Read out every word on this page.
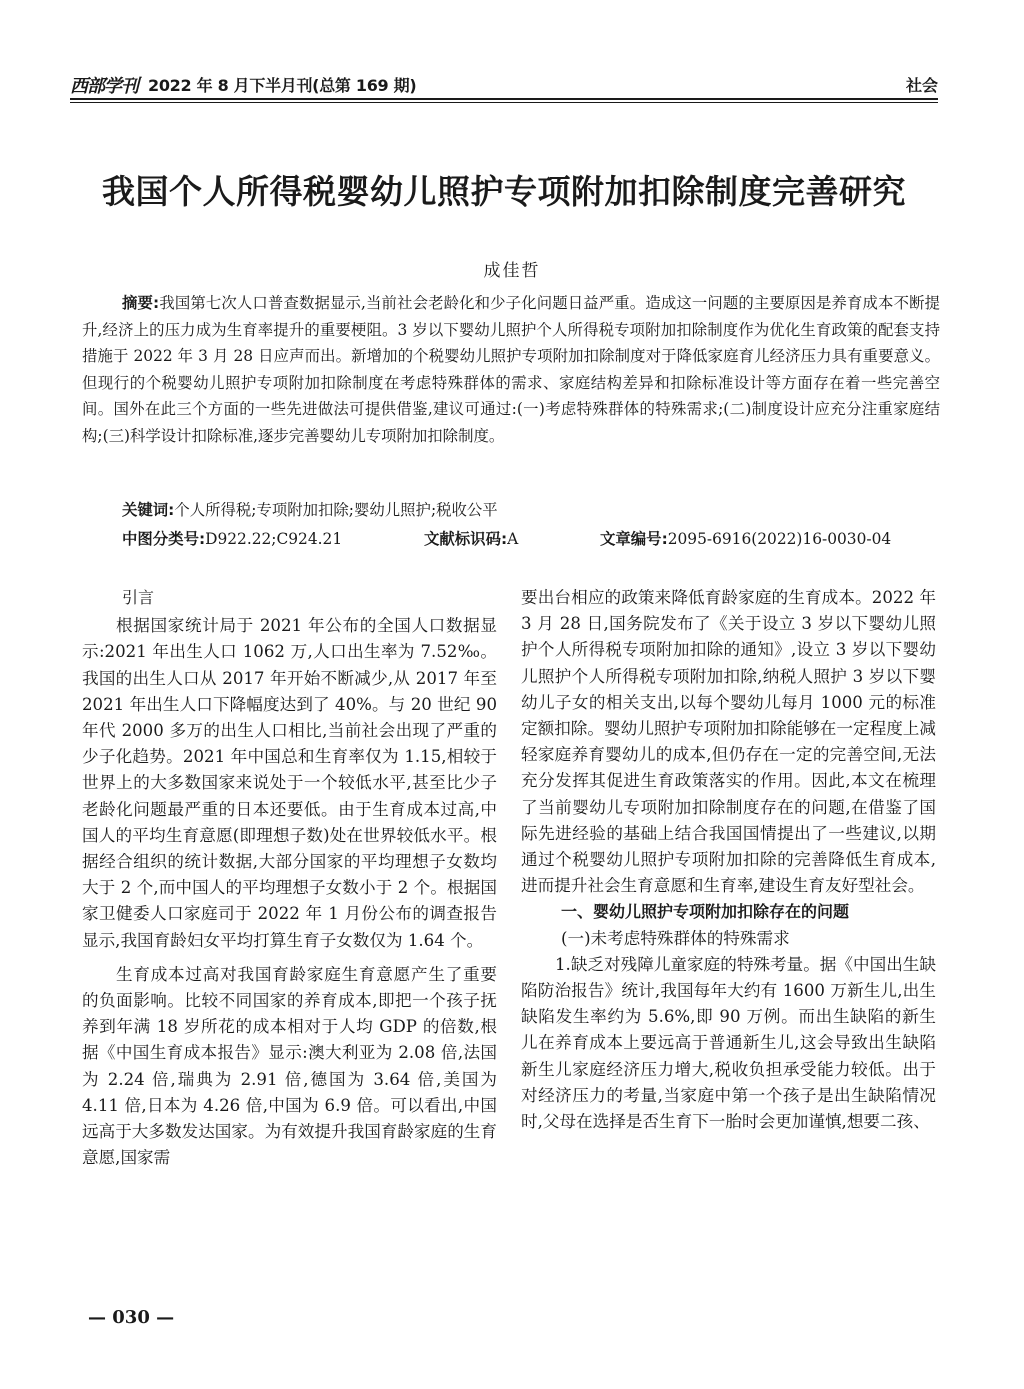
西部学刊 2022 年 8 月下半月刊(总第 169 期)	社会
我国个人所得税婴幼儿照护专项附加扣除制度完善研究
成佳哲
摘要:我国第七次人口普查数据显示,当前社会老龄化和少子化问题日益严重。造成这一问题的主要原因是养育成本不断提升,经济上的压力成为生育率提升的重要梗阻。3 岁以下婴幼儿照护个人所得税专项附加扣除制度作为优化生育政策的配套支持措施于 2022 年 3 月 28 日应声而出。新增加的个税婴幼儿照护专项附加扣除制度对于降低家庭育儿经济压力具有重要意义。但现行的个税婴幼儿照护专项附加扣除制度在考虑特殊群体的需求、家庭结构差异和扣除标准设计等方面存在着一些完善空间。国外在此三个方面的一些先进做法可提供借鉴,建议可通过:(一)考虑特殊群体的特殊需求;(二)制度设计应充分注重家庭结构;(三)科学设计扣除标准,逐步完善婴幼儿专项附加扣除制度。
关键词:个人所得税;专项附加扣除;婴幼儿照护;税收公平
中图分类号:D922.22;C924.21	文献标识码:A	文章编号:2095-6916(2022)16-0030-04

引言

根据国家统计局于 2021 年公布的全国人口数据显示:2021 年出生人口 1062 万,人口出生率为 7.52‰。我国的出生人口从 2017 年开始不断减少,从 2017 年至 2021 年出生人口下降幅度达到了 40%。与 20 世纪 90 年代 2000 多万的出生人口相比,当前社会出现了严重的少子化趋势。2021 年中国总和生育率仅为 1.15,相较于世界上的大多数国家来说处于一个较低水平,甚至比少子老龄化问题最严重的日本还要低。由于生育成本过高,中国人的平均生育意愿(即理想子数)处在世界较低水平。根据经合组织的统计数据,大部分国家的平均理想子女数均大于 2 个,而中国人的平均理想子女数小于 2 个。根据国家卫健委人口家庭司于 2022 年 1 月份公布的调查报告显示,我国育龄妇女平均打算生育子女数仅为 1.64 个。

生育成本过高对我国育龄家庭生育意愿产生了重要的负面影响。比较不同国家的养育成本,即把一个孩子抚养到年满 18 岁所花的成本相对于人均 GDP 的倍数,根据《中国生育成本报告》显示:澳大利亚为 2.08 倍,法国为 2.24 倍,瑞典为 2.91 倍,德国为 3.64 倍,美国为 4.11 倍,日本为 4.26 倍,中国为 6.9 倍。可以看出,中国远高于大多数发达国家。为有效提升我国育龄家庭的生育意愿,国家需

要出台相应的政策来降低育龄家庭的生育成本。2022 年 3 月 28 日,国务院发布了《关于设立 3 岁以下婴幼儿照护个人所得税专项附加扣除的通知》,设立 3 岁以下婴幼儿照护个人所得税专项附加扣除,纳税人照护 3 岁以下婴幼儿子女的相关支出,以每个婴幼儿每月 1000 元的标准定额扣除。婴幼儿照护专项附加扣除能够在一定程度上减轻家庭养育婴幼儿的成本,但仍存在一定的完善空间,无法充分发挥其促进生育政策落实的作用。因此,本文在梳理了当前婴幼儿专项附加扣除制度存在的问题,在借鉴了国际先进经验的基础上结合我国国情提出了一些建议,以期通过个税婴幼儿照护专项附加扣除的完善降低生育成本,进而提升社会生育意愿和生育率,建设生育友好型社会。

一、婴幼儿照护专项附加扣除存在的问题

(一)未考虑特殊群体的特殊需求

1.缺乏对残障儿童家庭的特殊考量。据《中国出生缺陷防治报告》统计,我国每年大约有 1600 万新生儿,出生缺陷发生率约为 5.6%,即 90 万例。而出生缺陷的新生儿在养育成本上要远高于普通新生儿,这会导致出生缺陷新生儿家庭经济压力增大,税收负担承受能力较低。出于对经济压力的考量,当家庭中第一个孩子是出生缺陷情况时,父母在选择是否生育下一胎时会更加谨慎,想要二孩、

— 030 —
